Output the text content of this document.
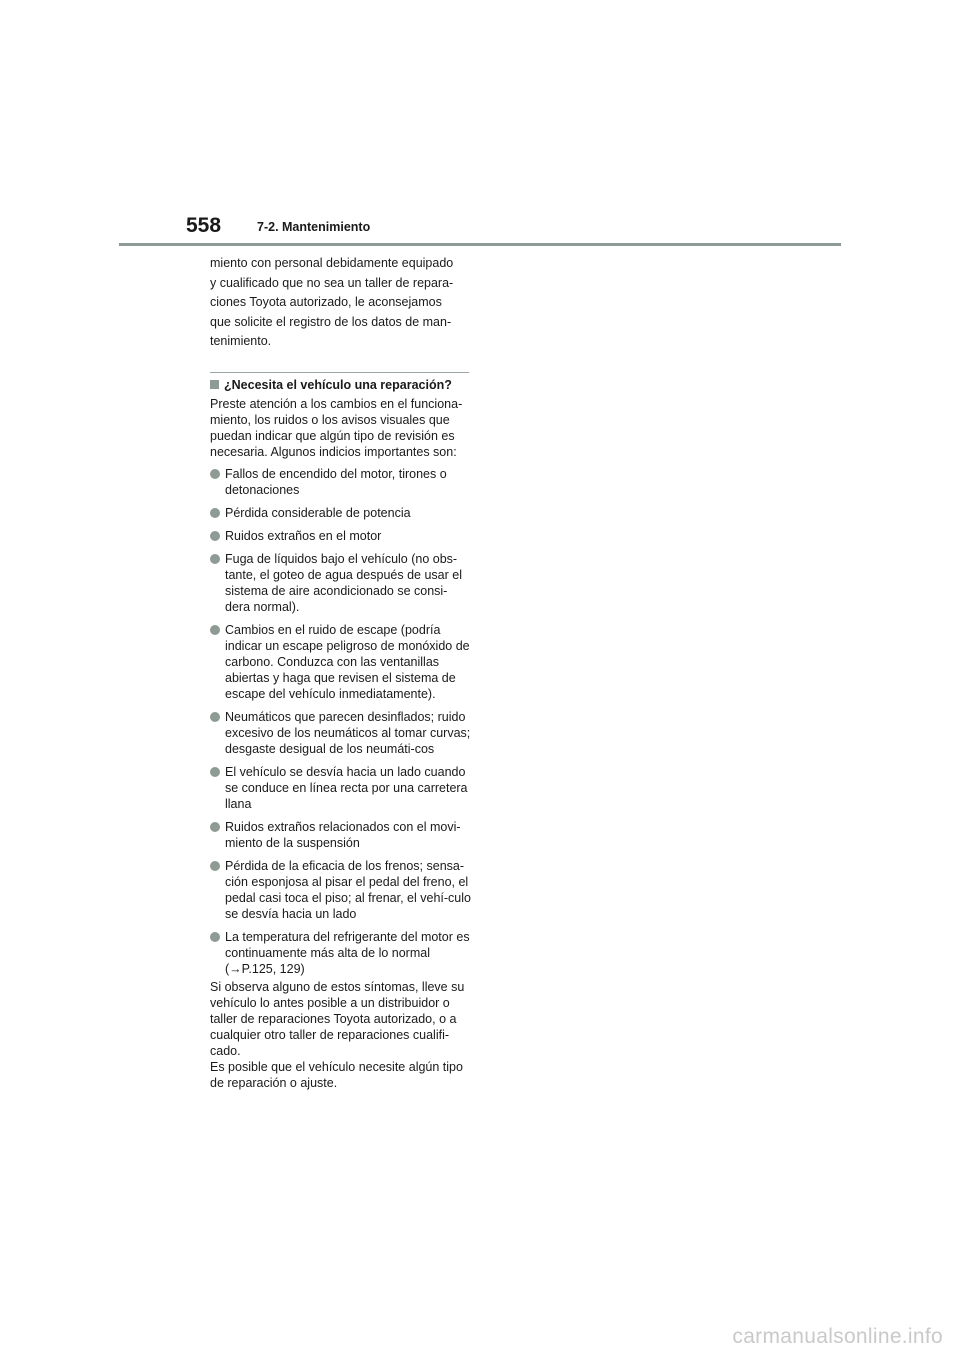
558	7-2. Mantenimiento

miento con personal debidamente equipado

y cualificado que no sea un taller de repara-

ciones Toyota autorizado, le aconsejamos

que solicite el registro de los datos de man-

tenimiento.

¿Necesita el vehículo una reparación?

Preste atención a los cambios en el funciona-miento, los ruidos o los avisos visuales que puedan indicar que algún tipo de revisión es necesaria. Algunos indicios importantes son:

Fallos de encendido del motor, tirones o detonaciones
Pérdida considerable de potencia
Ruidos extraños en el motor
Fuga de líquidos bajo el vehículo (no obs-tante, el goteo de agua después de usar el sistema de aire acondicionado se consi-dera normal).
Cambios en el ruido de escape (podría indicar un escape peligroso de monóxido de carbono. Conduzca con las ventanillas abiertas y haga que revisen el sistema de escape del vehículo inmediatamente).
Neumáticos que parecen desinflados; ruido excesivo de los neumáticos al tomar curvas; desgaste desigual de los neumáti-cos
El vehículo se desvía hacia un lado cuando se conduce en línea recta por una carretera llana
Ruidos extraños relacionados con el movi-miento de la suspensión
Pérdida de la eficacia de los frenos; sensa-ción esponjosa al pisar el pedal del freno, el pedal casi toca el piso; al frenar, el vehí-culo se desvía hacia un lado
La temperatura del refrigerante del motor es continuamente más alta de lo normal (→P.125, 129)

Si observa alguno de estos síntomas, lleve su vehículo lo antes posible a un distribuidor o taller de reparaciones Toyota autorizado, o a cualquier otro taller de reparaciones cualifi-cado.
Es posible que el vehículo necesite algún tipo de reparación o ajuste.

carmanualsonline.info
